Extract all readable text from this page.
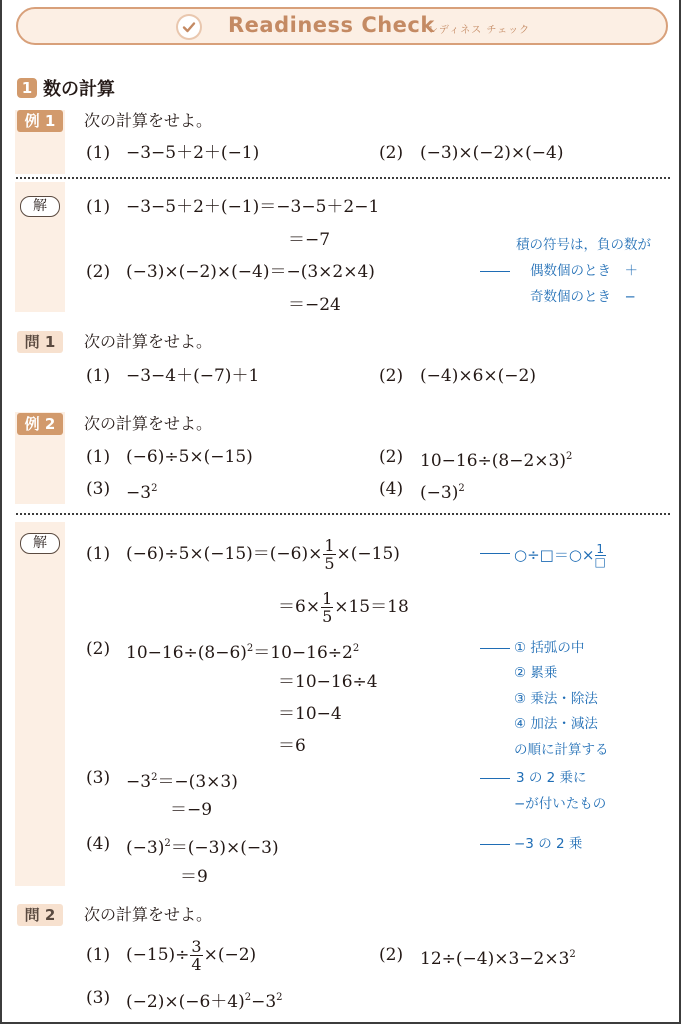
Readiness Check
レディネス チェック
1 数の計算
例 1	次の計算をせよ。
(1) −3−5＋2＋(−1)	(2) (−3)×(−2)×(−4)
解	(1) −3−5＋2＋(−1)＝−3−5＋2−1
＝−7
(2) (−3)×(−2)×(−4)＝−(3×2×4)
＝−24
積の符号は，負の数が
偶数個のとき　＋
奇数個のとき　−
問 1	次の計算をせよ。
(1) −3−4＋(−7)＋1	(2) (−4)×6×(−2)
例 2	次の計算をせよ。
(1) (−6)÷5×(−15)	(2) $10-16\div(8-2\times 3)^2$
$(3) -3^2$	(4) $(-3)^2$
解
(1) $(-6)\div 5\times(-15)=(-6)\times \frac{1}{5} \times(-15)$
$=6\times \frac{1}{5} \times 15=18$
○÷□＝○× 1
□
(2) $10-16\div(8-6)^2=10-16\div 2^2$
＝10−16÷4
＝10−4
＝6
① 括弧の中
② 累乗
③ 乗法・除法
④ 加法・減法
の順に計算する
$(3) -3^2=-(3\times 3)$
＝−9
3 の 2 乗に
−が付いたもの
(4) $(-3)^2=(-3)\times(-3)$
＝9
−3 の 2 乗
問 2	次の計算をせよ。
(1) $(-15)\div \frac{3}{4} \times(-2)$	(2) $12\div(-4)\times 3-2\times 3^2$
(3) $(-2)\times(-6+4)^2-3^2$
